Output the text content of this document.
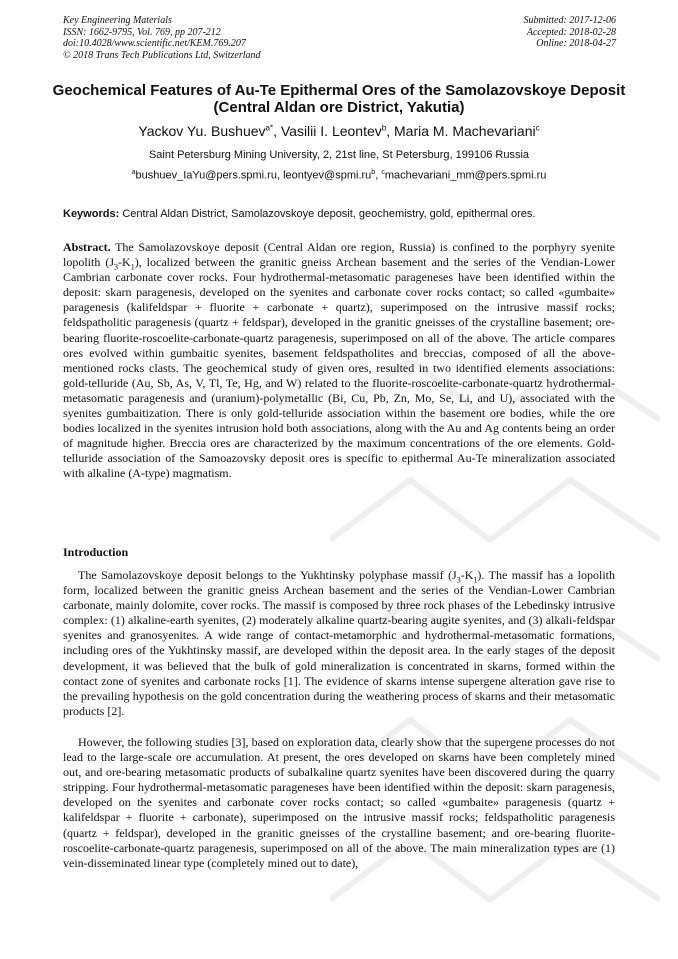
Key Engineering Materials
ISSN: 1662-9795, Vol. 769, pp 207-212
doi:10.4028/www.scientific.net/KEM.769.207
© 2018 Trans Tech Publications Ltd, Switzerland
Submitted: 2017-12-06
Accepted: 2018-02-28
Online: 2018-04-27
Geochemical Features of Au-Te Epithermal Ores of the Samolazovskoye Deposit (Central Aldan ore District, Yakutia)
Yackov Yu. Bushuev$^{a*}$, Vasilii I. Leontev$^b$, Maria M. Machevariani$^c$
Saint Petersburg Mining University, 2, 21st line, St Petersburg, 199106 Russia
$^a$bushuev_IaYu@pers.spmi.ru, $leontyev@spmi.ru^b$, $^c$machevariani_mm@pers.spmi.ru
Keywords: Central Aldan District, Samolazovskoye deposit, geochemistry, gold, epithermal ores.
Abstract. The Samolazovskoye deposit (Central Aldan ore region, Russia) is confined to the porphyry syenite lopolith $(J_3-K_1)$, localized between the granitic gneiss Archean basement and the series of the Vendian-Lower Cambrian carbonate cover rocks. Four hydrothermal-metasomatic parageneses have been identified within the deposit: skarn paragenesis, developed on the syenites and carbonate cover rocks contact; so called «gumbaite» paragenesis (kalifeldspar + fluorite + carbonate + quartz), superimposed on the intrusive massif rocks; feldspatholitic paragenesis (quartz + feldspar), developed in the granitic gneisses of the crystalline basement; ore-bearing fluorite-roscoelite-carbonate-quartz paragenesis, superimposed on all of the above. The article compares ores evolved within gumbaitic syenites, basement feldspatholites and breccias, composed of all the above-mentioned rocks clasts. The geochemical study of given ores, resulted in two identified elements associations: gold-telluride (Au, Sb, As, V, Tl, Te, Hg, and W) related to the fluorite-roscoelite-carbonate-quartz hydrothermal-metasomatic paragenesis and (uranium)-polymetallic (Bi, Cu, Pb, Zn, Mo, Se, Li, and U), associated with the syenites gumbaitization. There is only gold-telluride association within the basement ore bodies, while the ore bodies localized in the syenites intrusion hold both associations, along with the Au and Ag contents being an order of magnitude higher. Breccia ores are characterized by the maximum concentrations of the ore elements. Gold-telluride association of the Samoazovsky deposit ores is specific to epithermal Au-Te mineralization associated with alkaline (A-type) magmatism.
Introduction
The Samolazovskoye deposit belongs to the Yukhtinsky polyphase massif $(J_3-K_1)$. The massif has a lopolith form, localized between the granitic gneiss Archean basement and the series of the Vendian-Lower Cambrian carbonate, mainly dolomite, cover rocks. The massif is composed by three rock phases of the Lebedinsky intrusive complex: (1) alkaline-earth syenites, (2) moderately alkaline quartz-bearing augite syenites, and (3) alkali-feldspar syenites and granosyenites. A wide range of contact-metamorphic and hydrothermal-metasomatic formations, including ores of the Yukhtinsky massif, are developed within the deposit area. In the early stages of the deposit development, it was believed that the bulk of gold mineralization is concentrated in skarns, formed within the contact zone of syenites and carbonate rocks [1]. The evidence of skarns intense supergene alteration gave rise to the prevailing hypothesis on the gold concentration during the weathering process of skarns and their metasomatic products [2].
However, the following studies [3], based on exploration data, clearly show that the supergene processes do not lead to the large-scale ore accumulation. At present, the ores developed on skarns have been completely mined out, and ore-bearing metasomatic products of subalkaline quartz syenites have been discovered during the quarry stripping. Four hydrothermal-metasomatic parageneses have been identified within the deposit: skarn paragenesis, developed on the syenites and carbonate cover rocks contact; so called «gumbaite» paragenesis (quartz + kalifeldspar + fluorite + carbonate), superimposed on the intrusive massif rocks; feldspatholitic paragenesis (quartz + feldspar), developed in the granitic gneisses of the crystalline basement; and ore-bearing fluorite-roscoelite-carbonate-quartz paragenesis, superimposed on all of the above. The main mineralization types are (1) vein-disseminated linear type (completely mined out to date),
